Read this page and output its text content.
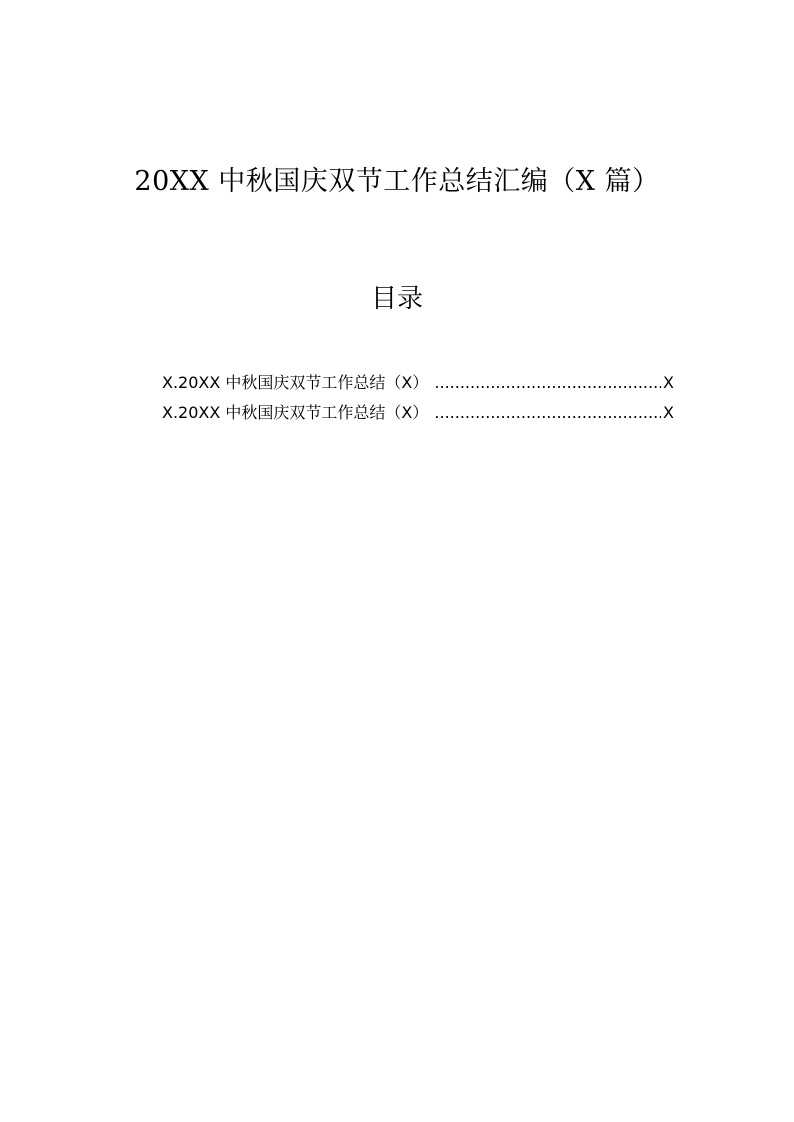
20XX 中秋国庆双节工作总结汇编（X 篇）
目录
X.20XX 中秋国庆双节工作总结（X） .....	X
X.20XX 中秋国庆双节工作总结（X） .....	X
